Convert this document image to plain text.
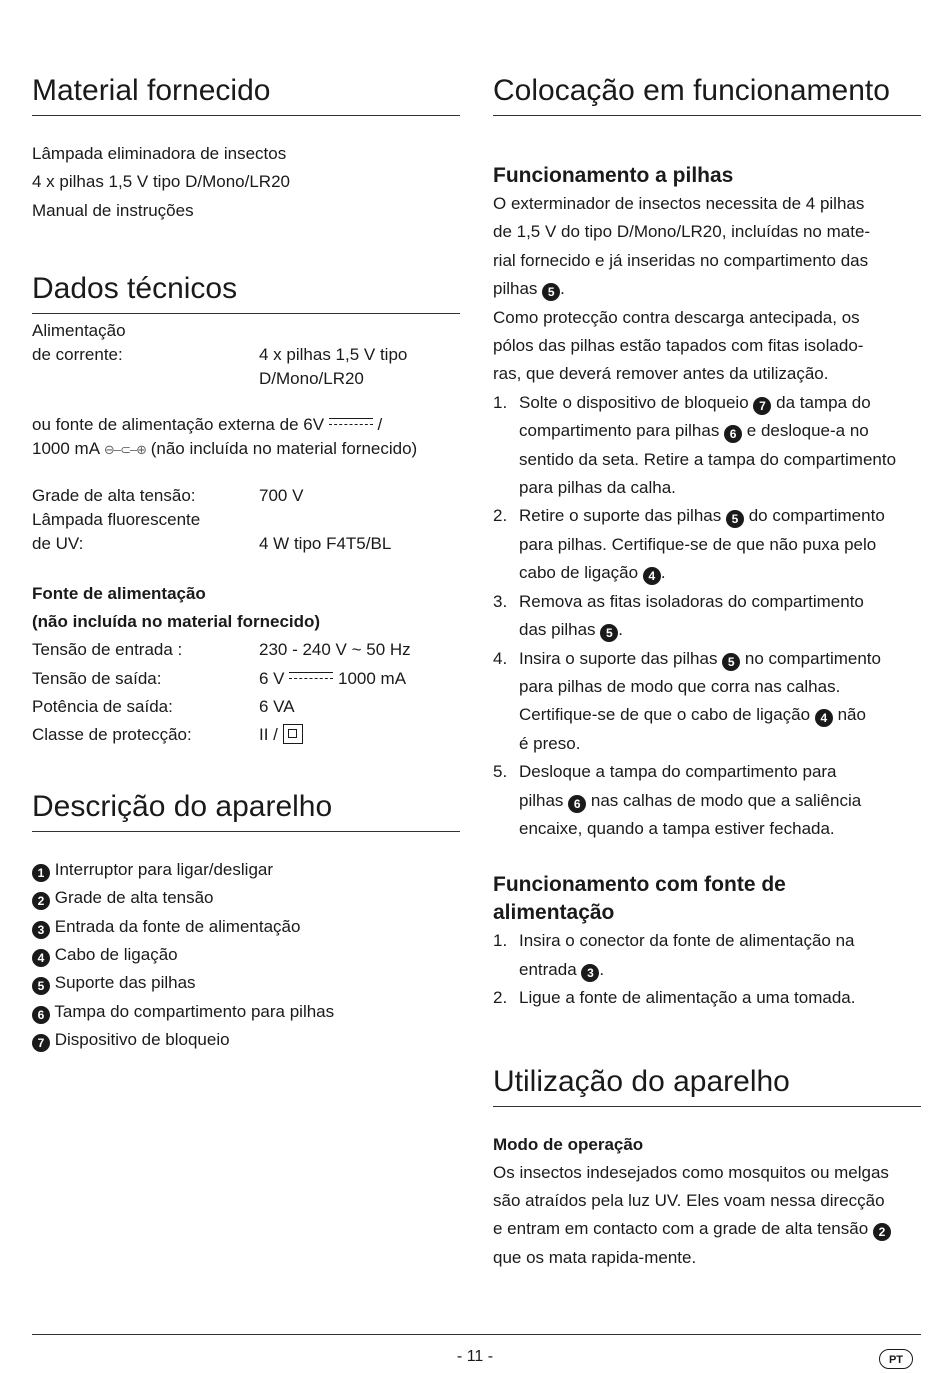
Material fornecido
Lâmpada eliminadora de insectos
4 x pilhas 1,5 V tipo D/Mono/LR20
Manual de instruções
Dados técnicos
Alimentação
de corrente:	4 x pilhas 1,5 V tipo
D/Mono/LR20
ou fonte de alimentação externa de 6V	/
1000 mA ⊖–⊂–⊕ (não incluída no material fornecido)
Grade de alta tensão:	700 V
Lâmpada fluorescente
de UV:	4 W tipo F4T5/BL
Fonte de alimentação
(não incluída no material fornecido)
Tensão de entrada :	230 - 240 V ~ 50 Hz
Tensão de saída:	6 V	1000 mA
Potência de saída:	6 VA
Classe de protecção:	II /
Descrição do aparelho
1 Interruptor para ligar/desligar
2 Grade de alta tensão
3 Entrada da fonte de alimentação
4 Cabo de ligação
5 Suporte das pilhas
6 Tampa do compartimento para pilhas
7 Dispositivo de bloqueio
Colocação em funcionamento
Funcionamento a pilhas
O exterminador de insectos necessita de 4 pilhas
de 1,5 V do tipo D/Mono/LR20, incluídas no mate-
rial fornecido e já inseridas no compartimento das
pilhas 5 .
Como protecção contra descarga antecipada, os
pólos das pilhas estão tapados com fitas isolado-
ras, que deverá remover antes da utilização.
1. Solte o dispositivo de bloqueio 7 da tampa do
compartimento para pilhas 6 e desloque-a no
sentido da seta. Retire a tampa do compartimento
para pilhas da calha.
2. Retire o suporte das pilhas 5 do compartimento
para pilhas. Certifique-se de que não puxa pelo
cabo de ligação 4 .
3. Remova as fitas isoladoras do compartimento
das pilhas 5 .
4. Insira o suporte das pilhas 5 no compartimento
para pilhas de modo que corra nas calhas.
Certifique-se de que o cabo de ligação 4 não
é preso.
5. Desloque a tampa do compartimento para
pilhas 6 nas calhas de modo que a saliência
encaixe, quando a tampa estiver fechada.
Funcionamento com fonte de
alimentação
1. Insira o conector da fonte de alimentação na
entrada 3 .
2. Ligue a fonte de alimentação a uma tomada.
Utilização do aparelho
Modo de operação
Os insectos indesejados como mosquitos ou melgas
são atraídos pela luz UV. Eles voam nessa direcção
e entram em contacto com a grade de alta tensão 2
que os mata rapida-mente.
- 11 -	PT
